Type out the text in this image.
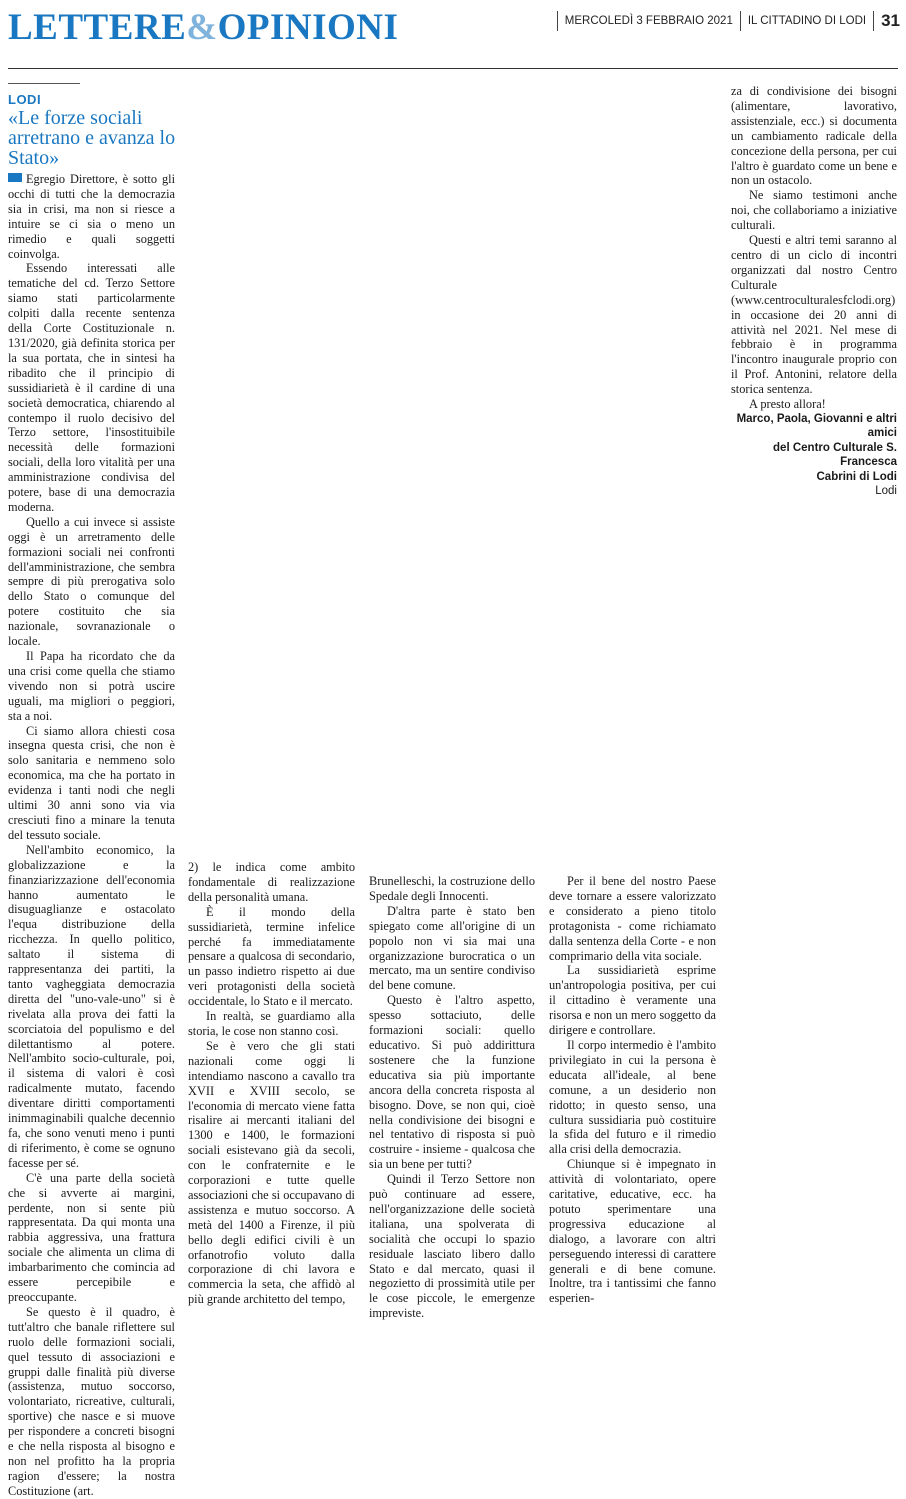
LETTERE&OPINIONI	MERCOLEDÌ 3 FEBBRAIO 2021 IL CITTADINO DI LODI 31
LODI
«Le forze sociali arretrano e avanza lo Stato»

Egregio Direttore, è sotto gli occhi di tutti che la democrazia sia in crisi, ma non si riesce a intuire se ci sia o meno un rimedio e quali soggetti coinvolga.

Essendo interessati alle tematiche del cd. Terzo Settore siamo stati particolarmente colpiti dalla recente sentenza della Corte Costituzionale n. 131/2020, già definita storica per la sua portata, che in sintesi ha ribadito che il principio di sussidiarietà è il cardine di una società democratica, chiarendo al contempo il ruolo decisivo del Terzo settore, l'insostituibile necessità delle formazioni sociali, della loro vitalità per una amministrazione condivisa del potere, base di una democrazia moderna.

Quello a cui invece si assiste oggi è un arretramento delle formazioni sociali nei confronti dell'amministrazione, che sembra sempre di più prerogativa solo dello Stato o comunque del potere costituito che sia nazionale, sovranazionale o locale.

Il Papa ha ricordato che da una crisi come quella che stiamo vivendo non si potrà uscire uguali, ma migliori o peggiori, sta a noi.

Ci siamo allora chiesti cosa insegna questa crisi, che non è solo sanitaria e nemmeno solo economica, ma che ha portato in evidenza i tanti nodi che negli ultimi 30 anni sono via via cresciuti fino a minare la tenuta del tessuto sociale.

Nell'ambito economico, la globalizzazione e la finanziarizzazione dell'economia hanno aumentato le disuguaglianze e ostacolato l'equa distribuzione della ricchezza. In quello politico, saltato il sistema di rappresentanza dei partiti, la tanto vagheggiata democrazia diretta del "uno-vale-uno" si è rivelata alla prova dei fatti la scorciatoia del populismo e del dilettantismo al potere. Nell'ambito socio-culturale, poi, il sistema di valori è così radicalmente mutato, facendo diventare diritti comportamenti inimmaginabili qualche decennio fa, che sono venuti meno i punti di riferimento, è come se ognuno facesse per sé.

C'è una parte della società che si avverte ai margini, perdente, non si sente più rappresentata. Da qui monta una rabbia aggressiva, una frattura sociale che alimenta un clima di imbarbarimento che comincia ad essere percepibile e preoccupante.

Se questo è il quadro, è tutt'altro che banale riflettere sul ruolo delle formazioni sociali, quel tessuto di associazioni e gruppi dalle finalità più diverse (assistenza, mutuo soccorso, volontariato, ricreative, culturali, sportive) che nasce e si muove per rispondere a concreti bisogni e che nella risposta al bisogno e non nel profitto ha la propria ragion d'essere; la nostra Costituzione (art.

2) le indica come ambito fondamentale di realizzazione della personalità umana.

È il mondo della sussidiarietà, termine infelice perché fa immediatamente pensare a qualcosa di secondario, un passo indietro rispetto ai due veri protagonisti della società occidentale, lo Stato e il mercato.

In realtà, se guardiamo alla storia, le cose non stanno così.

Se è vero che gli stati nazionali come oggi li intendiamo nascono a cavallo tra XVII e XVIII secolo, se l'economia di mercato viene fatta risalire ai mercanti italiani del 1300 e 1400, le formazioni sociali esistevano già da secoli, con le confraternite e le corporazioni e tutte quelle associazioni che si occupavano di assistenza e mutuo soccorso. A metà del 1400 a Firenze, il più bello degli edifici civili è un orfanotrofio voluto dalla corporazione di chi lavora e commercia la seta, che affidò al più grande architetto del tempo,

Brunelleschi, la costruzione dello Spedale degli Innocenti.

D'altra parte è stato ben spiegato come all'origine di un popolo non vi sia mai una organizzazione burocratica o un mercato, ma un sentire condiviso del bene comune.

Questo è l'altro aspetto, spesso sottaciuto, delle formazioni sociali: quello educativo. Si può addirittura sostenere che la funzione educativa sia più importante ancora della concreta risposta al bisogno. Dove, se non qui, cioè nella condivisione dei bisogni e nel tentativo di risposta si può costruire - insieme - qualcosa che sia un bene per tutti?

Quindi il Terzo Settore non può continuare ad essere, nell'organizzazione delle società italiana, una spolverata di socialità che occupi lo spazio residuale lasciato libero dallo Stato e dal mercato, quasi il negozietto di prossimità utile per le cose piccole, le emergenze impreviste.

Per il bene del nostro Paese deve tornare a essere valorizzato e considerato a pieno titolo protagonista - come richiamato dalla sentenza della Corte - e non comprimario della vita sociale.

La sussidiarietà esprime un'antropologia positiva, per cui il cittadino è veramente una risorsa e non un mero soggetto da dirigere e controllare.

Il corpo intermedio è l'ambito privilegiato in cui la persona è educata all'ideale, al bene comune, a un desiderio non ridotto; in questo senso, una cultura sussidiaria può costituire la sfida del futuro e il rimedio alla crisi della democrazia.

Chiunque si è impegnato in attività di volontariato, opere caritative, educative, ecc. ha potuto sperimentare una progressiva educazione al dialogo, a lavorare con altri perseguendo interessi di carattere generali e di bene comune. Inoltre, tra i tantissimi che fanno esperien-

za di condivisione dei bisogni (alimentare, lavorativo, assistenziale, ecc.) si documenta un cambiamento radicale della concezione della persona, per cui l'altro è guardato come un bene e non un ostacolo.

Ne siamo testimoni anche noi, che collaboriamo a iniziative culturali.

Questi e altri temi saranno al centro di un ciclo di incontri organizzati dal nostro Centro Culturale (www.centroculturalesfclodi.org) in occasione dei 20 anni di attività nel 2021. Nel mese di febbraio è in programma l'incontro inaugurale proprio con il Prof. Antonini, relatore della storica sentenza.

A presto allora!

Marco, Paola, Giovanni e altri amici
del Centro Culturale S. Francesca
Cabrini di Lodi
Lodi
